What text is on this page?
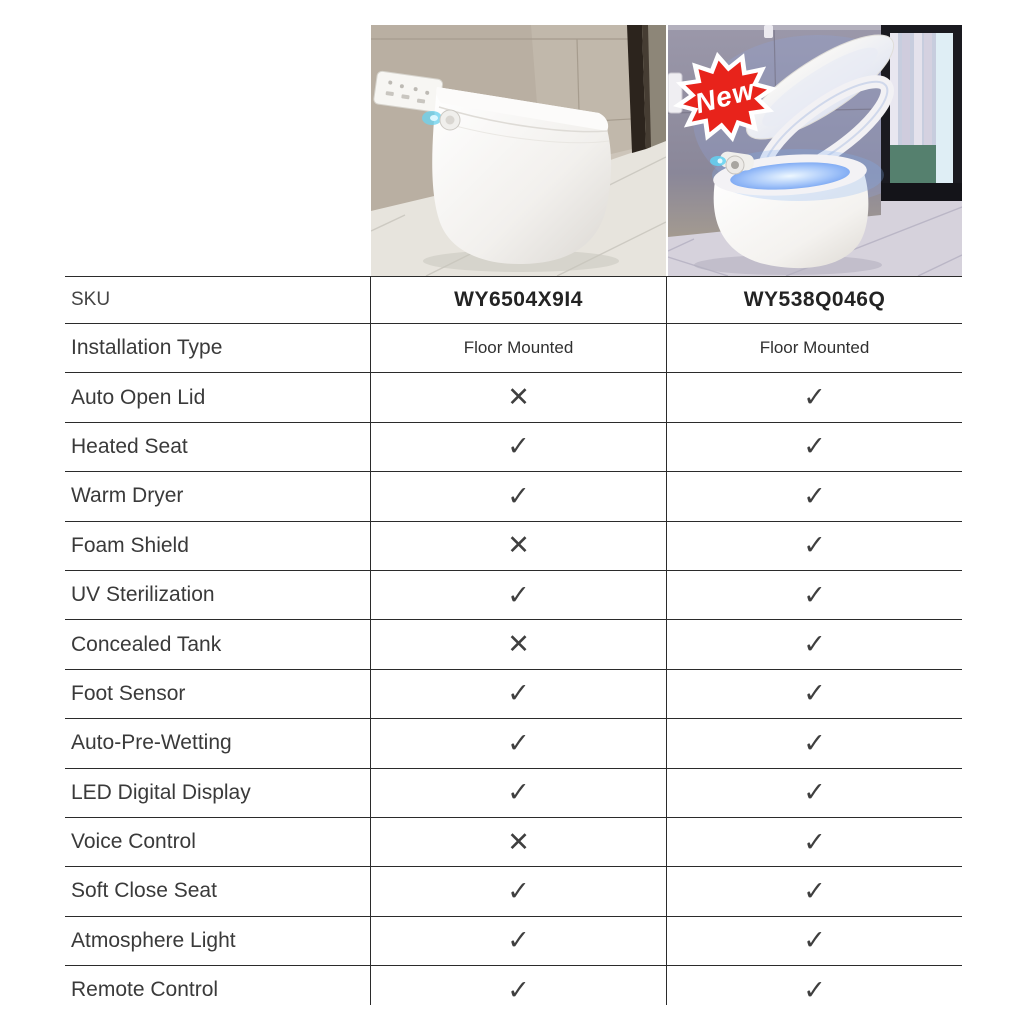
New
SKU	WY6504X9I4	WY538Q046Q
Installation Type	Floor Mounted	Floor Mounted
Auto Open Lid	✕	✓
Heated Seat	✓	✓
Warm Dryer	✓	✓
Foam Shield	✕	✓
UV Sterilization	✓	✓
Concealed Tank	✕	✓
Foot Sensor	✓	✓
Auto-Pre-Wetting	✓	✓
LED Digital Display	✓	✓
Voice Control	✕	✓
Soft Close Seat	✓	✓
Atmosphere Light	✓	✓
Remote Control	✓	✓
